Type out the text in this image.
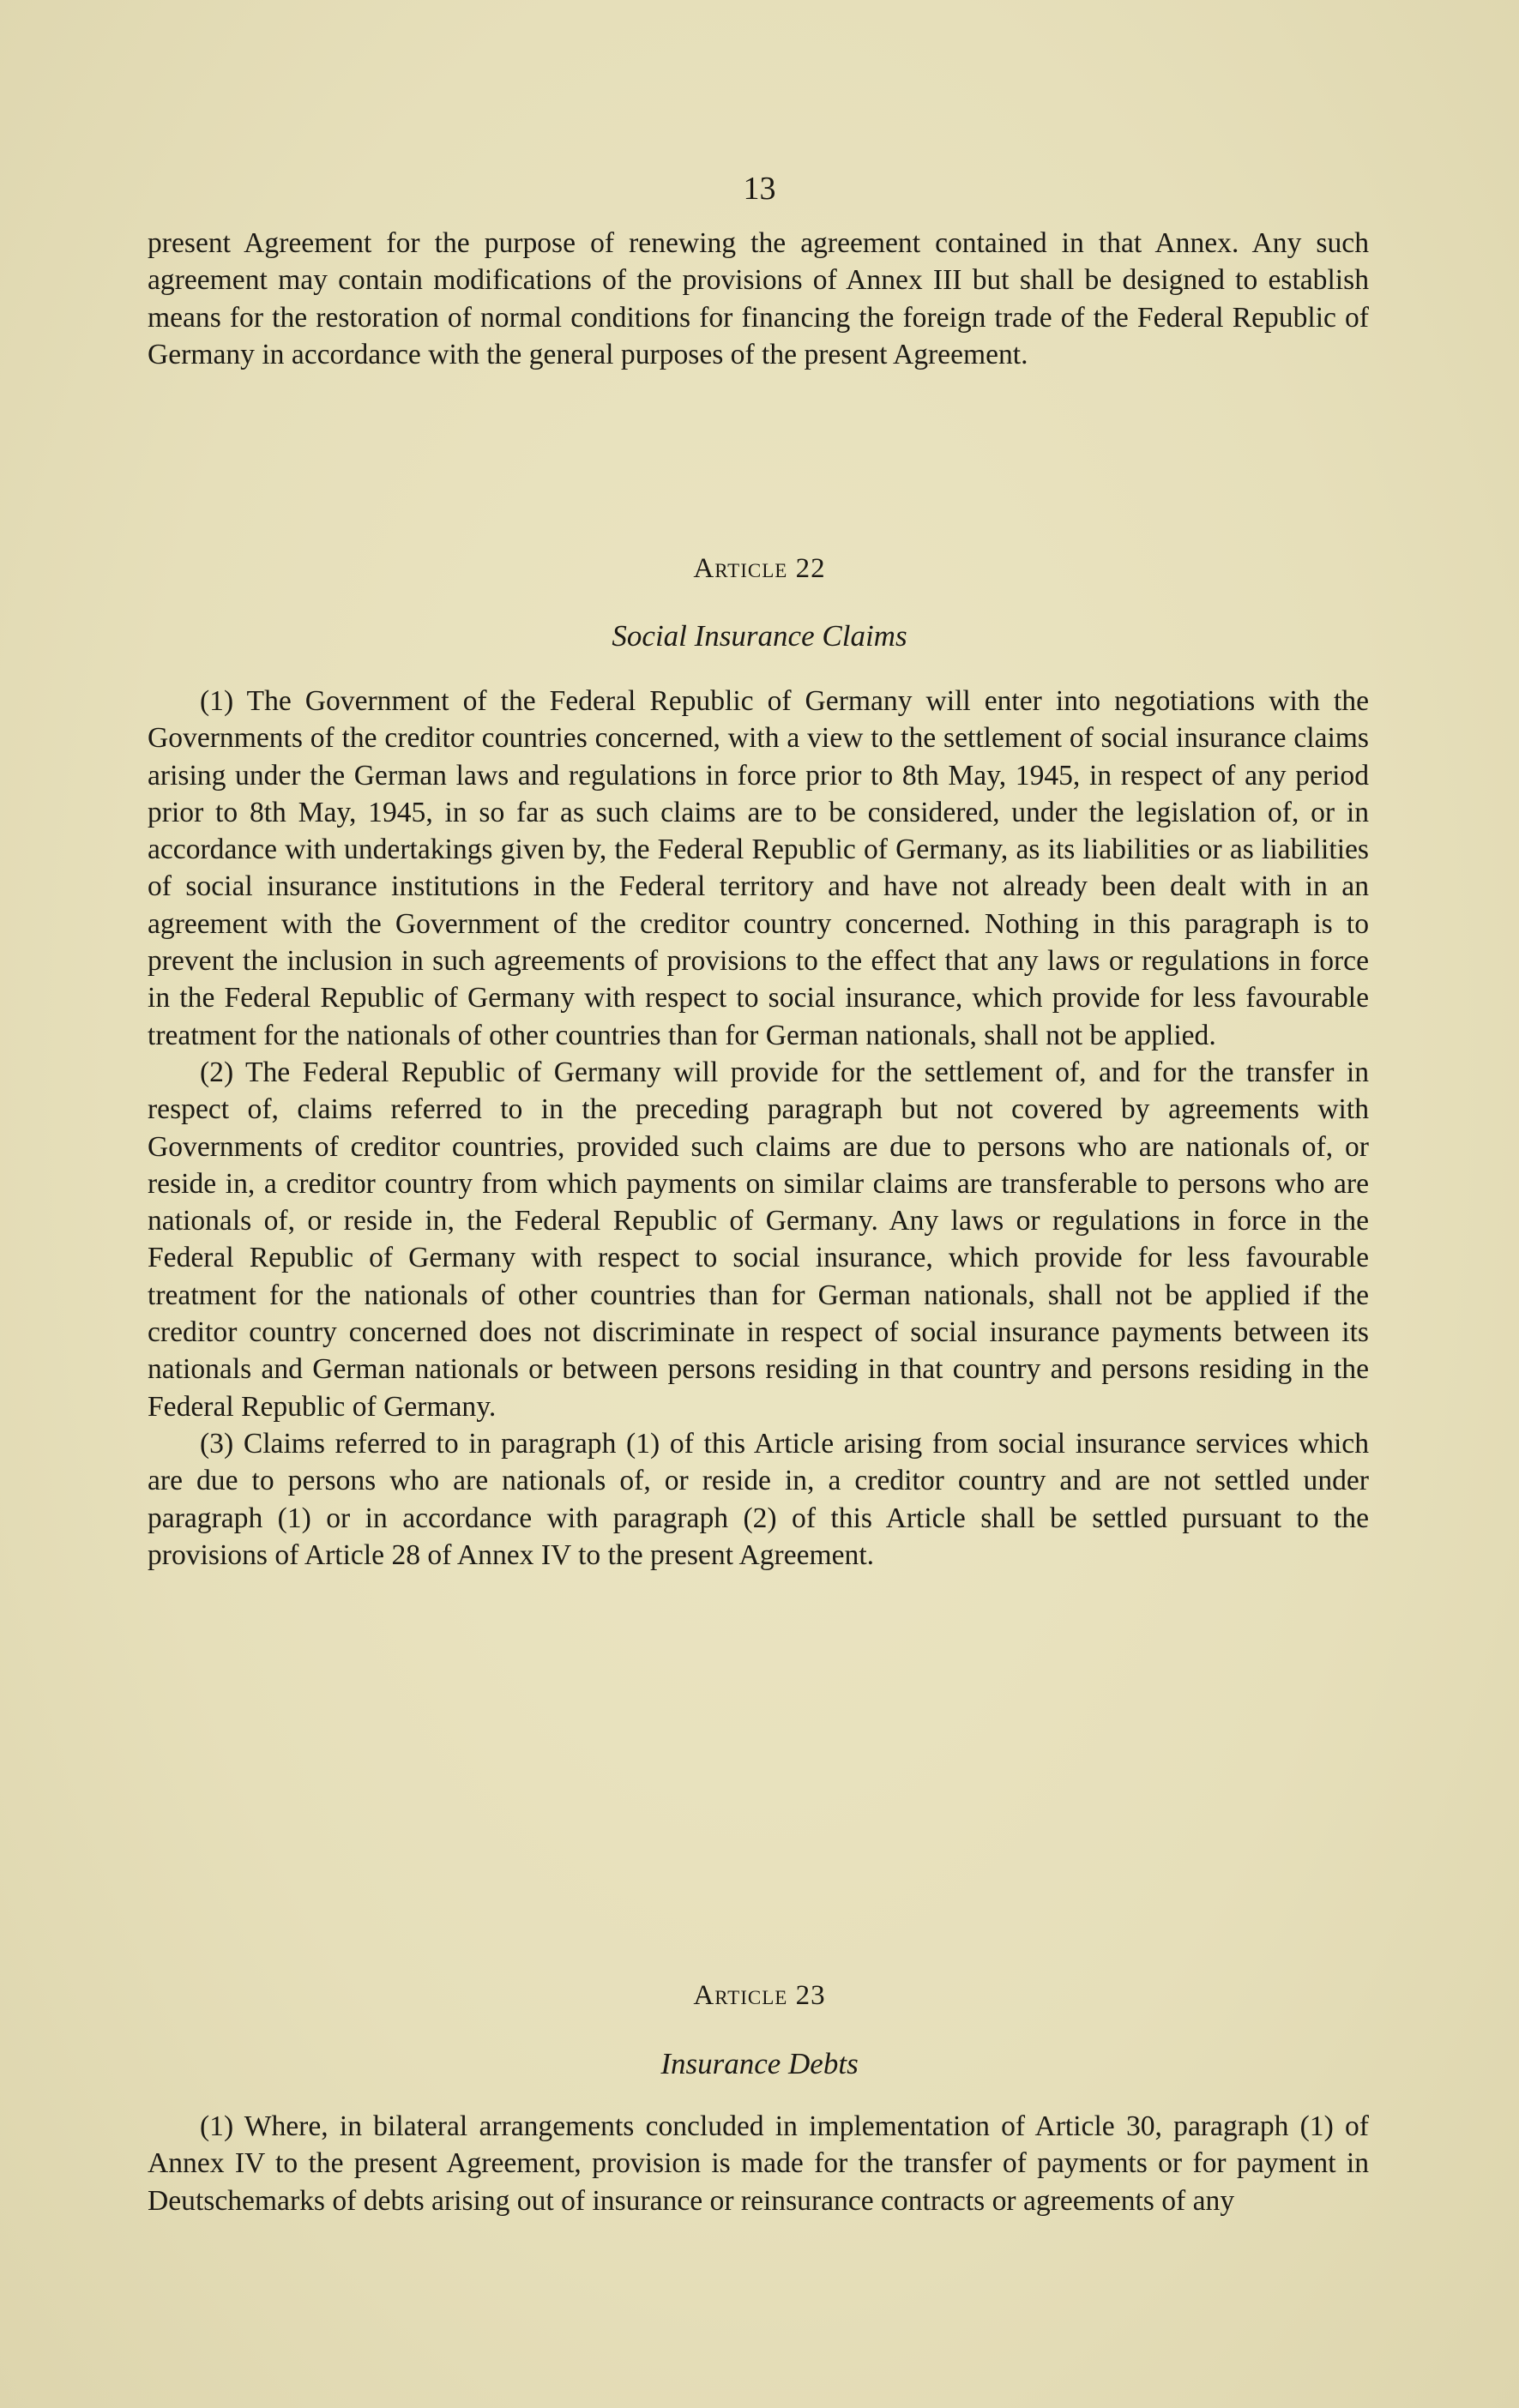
13

present Agreement for the purpose of renewing the agreement contained in that Annex. Any such agreement may contain modifications of the provisions of Annex III but shall be designed to establish means for the restoration of normal conditions for financing the foreign trade of the Federal Republic of Germany in accordance with the general purposes of the present Agreement.

Article 22
Social Insurance Claims

(1) The Government of the Federal Republic of Germany will enter into negotiations with the Governments of the creditor countries concerned, with a view to the settlement of social insurance claims arising under the German laws and regulations in force prior to 8th May, 1945, in respect of any period prior to 8th May, 1945, in so far as such claims are to be considered, under the legislation of, or in accordance with undertakings given by, the Federal Republic of Germany, as its liabilities or as liabilities of social insurance institutions in the Federal territory and have not already been dealt with in an agreement with the Government of the creditor country concerned. Nothing in this paragraph is to prevent the inclusion in such agreements of provisions to the effect that any laws or regulations in force in the Federal Republic of Germany with respect to social insurance, which provide for less favourable treatment for the nationals of other countries than for German nationals, shall not be applied.

(2) The Federal Republic of Germany will provide for the settlement of, and for the transfer in respect of, claims referred to in the preceding paragraph but not covered by agreements with Governments of creditor countries, provided such claims are due to persons who are nationals of, or reside in, a creditor country from which payments on similar claims are transferable to persons who are nationals of, or reside in, the Federal Republic of Germany. Any laws or regulations in force in the Federal Republic of Germany with respect to social insurance, which provide for less favourable treatment for the nationals of other countries than for German nationals, shall not be applied if the creditor country concerned does not discriminate in respect of social insurance payments between its nationals and German nationals or between persons residing in that country and persons residing in the Federal Republic of Germany.

(3) Claims referred to in paragraph (1) of this Article arising from social insurance services which are due to persons who are nationals of, or reside in, a creditor country and are not settled under paragraph (1) or in accordance with paragraph (2) of this Article shall be settled pursuant to the provisions of Article 28 of Annex IV to the present Agreement.

Article 23
Insurance Debts

(1) Where, in bilateral arrangements concluded in implementation of Article 30, paragraph (1) of Annex IV to the present Agreement, provision is made for the transfer of payments or for payment in Deutschemarks of debts arising out of insurance or reinsurance contracts or agreements of any
